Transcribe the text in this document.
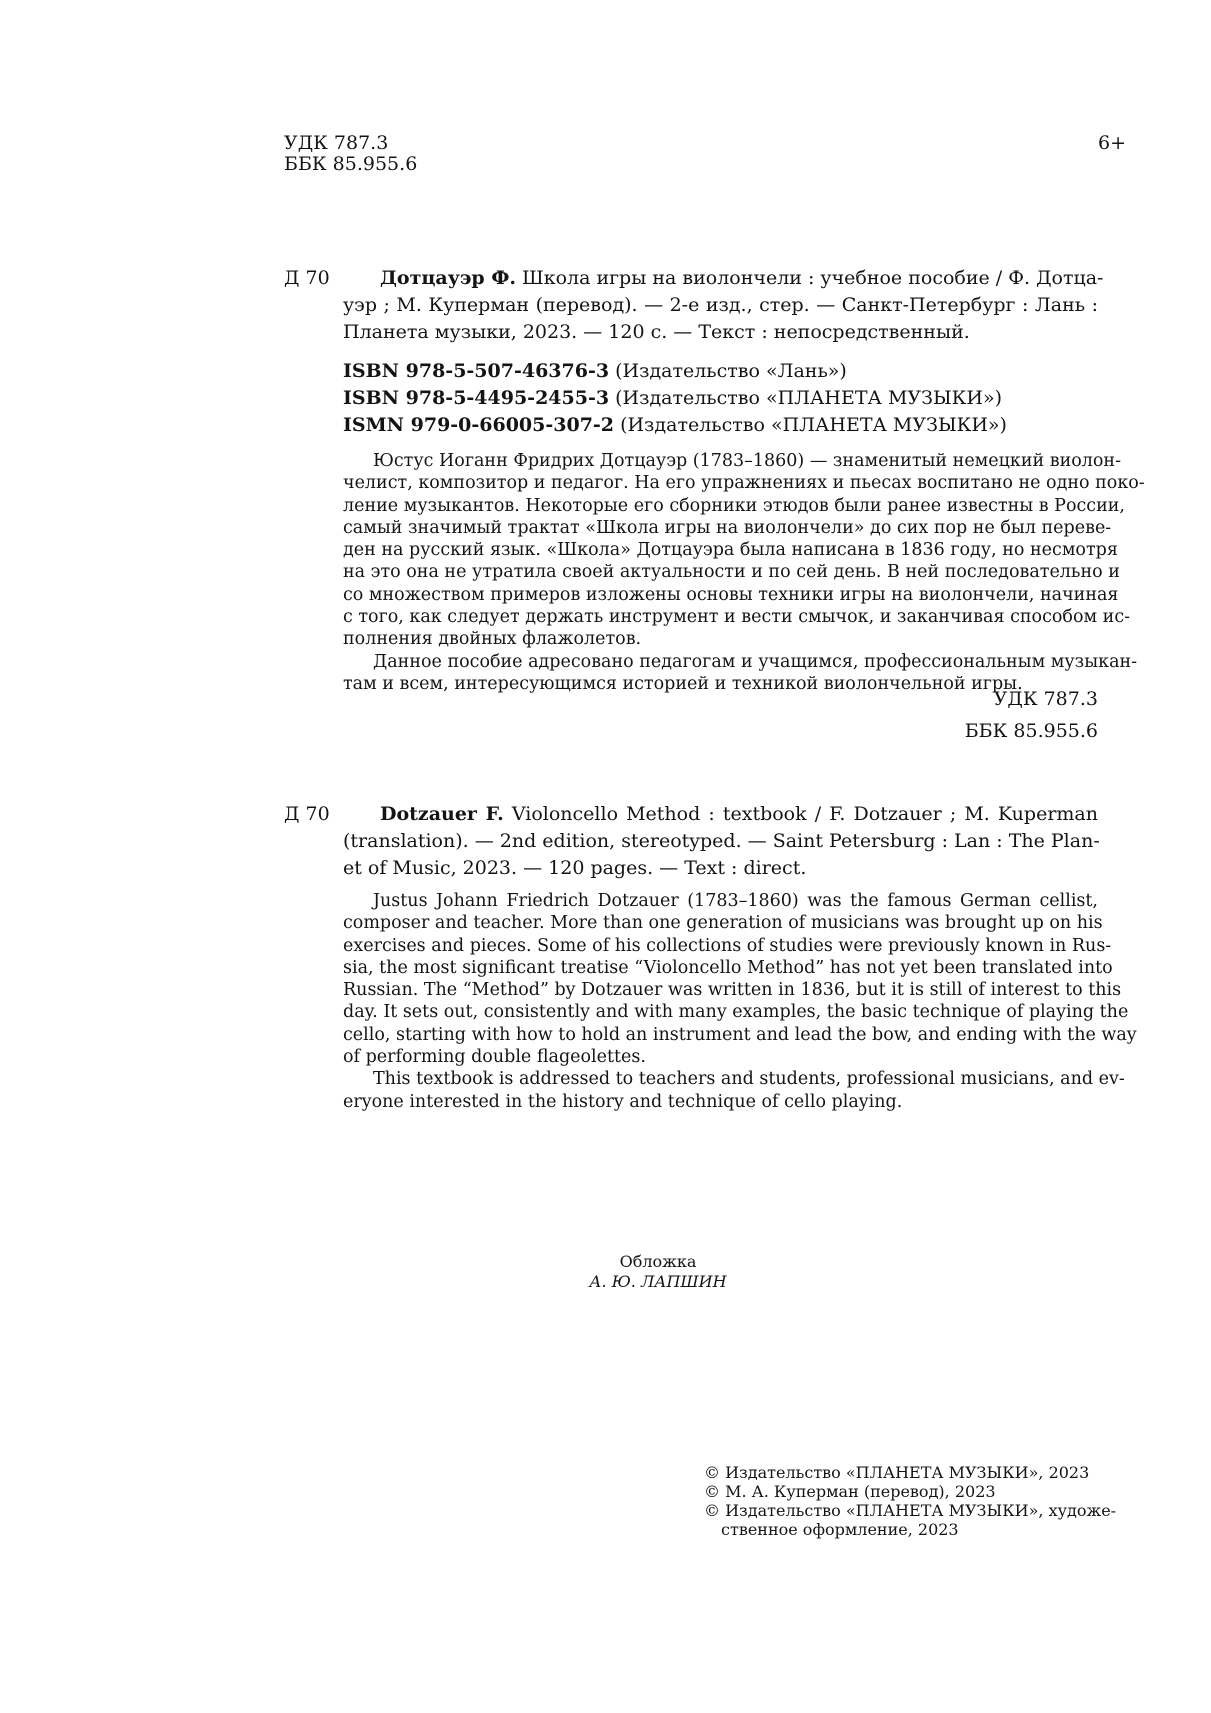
УДК 787.3
ББК 85.955.6
6+
Д 70	Дотцауэр Ф. Школа игры на виолончели : учебное пособие / Ф. Дотца-
уэр ; М. Куперман (перевод). — 2-е изд., стер. — Санкт-Петербург : Лань :
Планета музыки, 2023. — 120 с. — Текст : непосредственный.
ISBN 978-5-507-46376-3 (Издательство «Лань»)
ISBN 978-5-4495-2455-3 (Издательство «ПЛАНЕТА МУЗЫКИ»)
ISMN 979-0-66005-307-2 (Издательство «ПЛАНЕТА МУЗЫКИ»)
Юстус Иоганн Фридрих Дотцауэр (1783–1860) — знаменитый немецкий виолон-
челист, композитор и педагог. На его упражнениях и пьесах воспитано не одно поко-
ление музыкантов. Некоторые его сборники этюдов были ранее известны в России,
самый значимый трактат «Школа игры на виолончели» до сих пор не был переве-
ден на русский язык. «Школа» Дотцауэра была написана в 1836 году, но несмотря
на это она не утратила своей актуальности и по сей день. В ней последовательно и
со множеством примеров изложены основы техники игры на виолончели, начиная
с того, как следует держать инструмент и вести смычок, и заканчивая способом ис-
полнения двойных флажолетов.
Данное пособие адресовано педагогам и учащимся, профессиональным музыкан-
там и всем, интересующимся историей и техникой виолончельной игры.
УДК 787.3
ББК 85.955.6
Д 70	Dotzauer F. Violoncello Method : textbook / F. Dotzauer ; M. Kuperman
(translation). — 2nd edition, stereotyped. — Saint Petersburg : Lan : The Plan-
et of Music, 2023. — 120 pages. — Text : direct.
Justus Johann Friedrich Dotzauer (1783–1860) was the famous German cellist,
composer and teacher. More than one generation of musicians was brought up on his
exercises and pieces. Some of his collections of studies were previously known in Rus-
sia, the most significant treatise “Violoncello Method” has not yet been translated into
Russian. The “Method” by Dotzauer was written in 1836, but it is still of interest to this
day. It sets out, consistently and with many examples, the basic technique of playing the
cello, starting with how to hold an instrument and lead the bow, and ending with the way
of performing double flageolettes.
This textbook is addressed to teachers and students, professional musicians, and ev-
eryone interested in the history and technique of cello playing.
Обложка
А. Ю. ЛАПШИН
© Издательство «ПЛАНЕТА МУЗЫКИ», 2023
© М. А. Куперман (перевод), 2023
© Издательство «ПЛАНЕТА МУЗЫКИ», художе-
ственное оформление, 2023
